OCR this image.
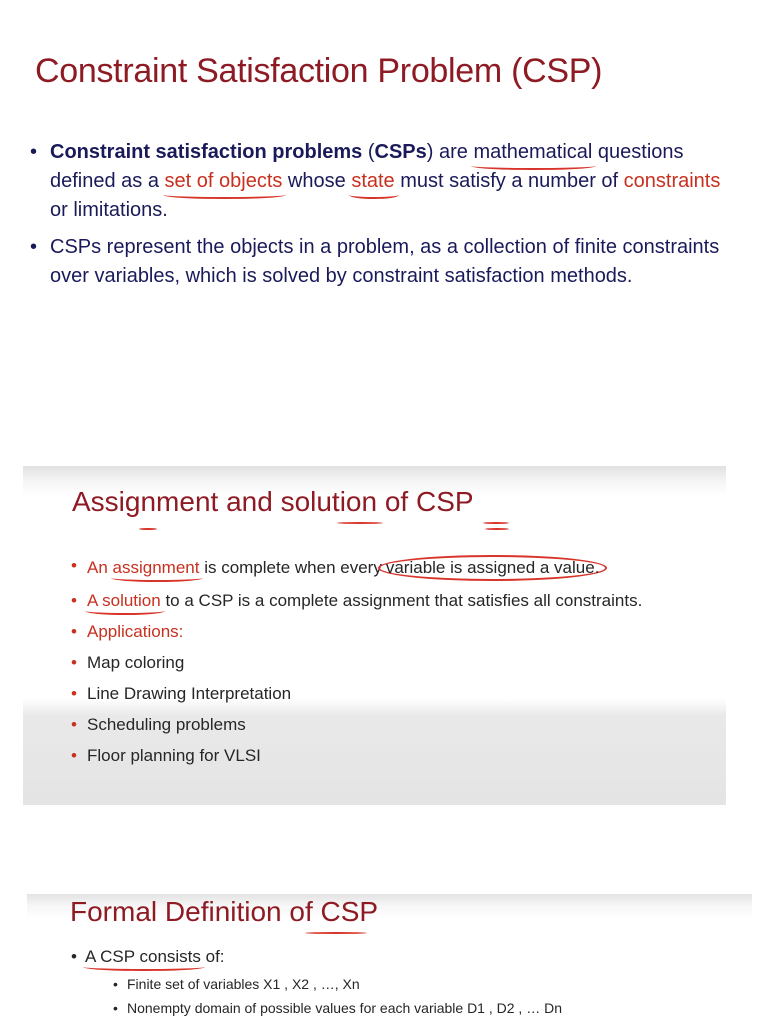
Constraint Satisfaction Problem (CSP)
• Constraint satisfaction problems (CSPs) are mathematical questions defined as a set of objects whose state must satisfy a number of constraints or limitations.
• CSPs represent the objects in a problem, as a collection of finite constraints over variables, which is solved by constraint satisfaction methods.
Assignment and solution of CSP
• An assignment is complete when every variable is assigned a value.
• A solution to a CSP is a complete assignment that satisfies all constraints.
• Applications:
• Map coloring
• Line Drawing Interpretation
• Scheduling problems
• Floor planning for VLSI
Formal Definition of CSP
• A CSP consists of:
• Finite set of variables X1 , X2 , …, Xn
• Nonempty domain of possible values for each variable D1 , D2 , … Dn
